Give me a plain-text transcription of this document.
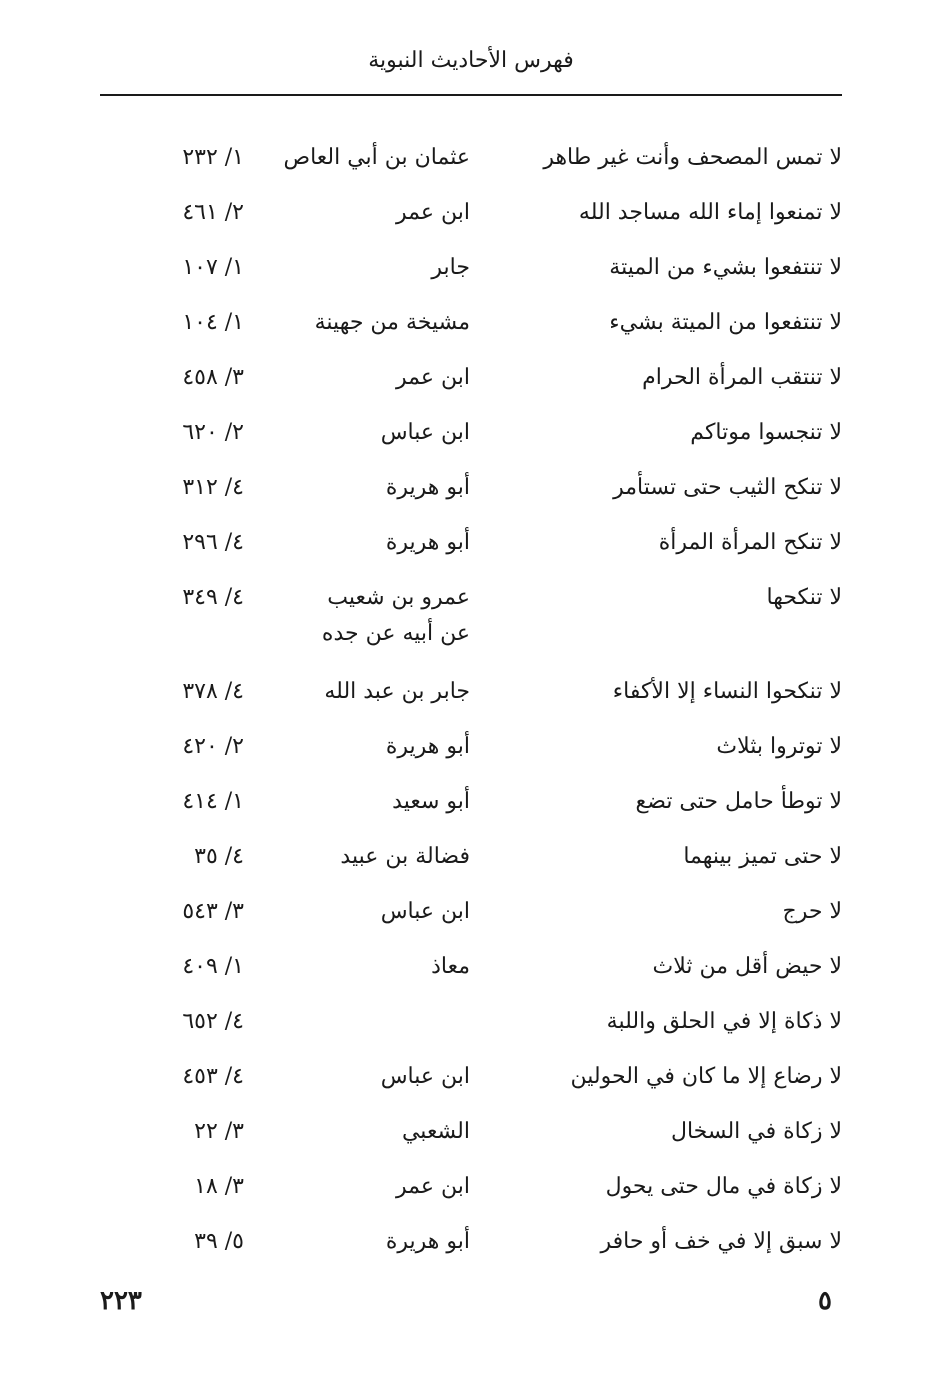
فهرس الأحاديث النبوية
لا تمس المصحف وأنت غير طاهر
عثمان بن أبي العاص
١/ ٢٣٢
لا تمنعوا إماء الله مساجد الله
ابن عمر
٢/ ٤٦١
لا تنتفعوا بشيء من الميتة
جابر
١/ ١٠٧
لا تنتفعوا من الميتة بشيء
مشيخة من جهينة
١/ ١٠٤
لا تنتقب المرأة الحرام
ابن عمر
٣/ ٤٥٨
لا تنجسوا موتاكم
ابن عباس
٢/ ٦٢٠
لا تنكح الثيب حتى تستأمر
أبو هريرة
٤/ ٣١٢
لا تنكح المرأة المرأة
أبو هريرة
٤/ ٢٩٦
لا تنكحها
عمرو بن شعيب
عن أبيه عن جده
٤/ ٣٤٩
لا تنكحوا النساء إلا الأكفاء
جابر بن عبد الله
٤/ ٣٧٨
لا توتروا بثلاث
أبو هريرة
٢/ ٤٢٠
لا توطأ حامل حتى تضع
أبو سعيد
١/ ٤١٤
لا حتى تميز بينهما
فضالة بن عبيد
٤/ ٣٥
لا حرج
ابن عباس
٣/ ٥٤٣
لا حيض أقل من ثلاث
معاذ
١/ ٤٠٩
لا ذكاة إلا في الحلق واللبة
٤/ ٦٥٢
لا رضاع إلا ما كان في الحولين
ابن عباس
٤/ ٤٥٣
لا زكاة في السخال
الشعبي
٣/ ٢٢
لا زكاة في مال حتى يحول
ابن عمر
٣/ ١٨
لا سبق إلا في خف أو حافر
أبو هريرة
٥/ ٣٩
٢٢٣	٥
